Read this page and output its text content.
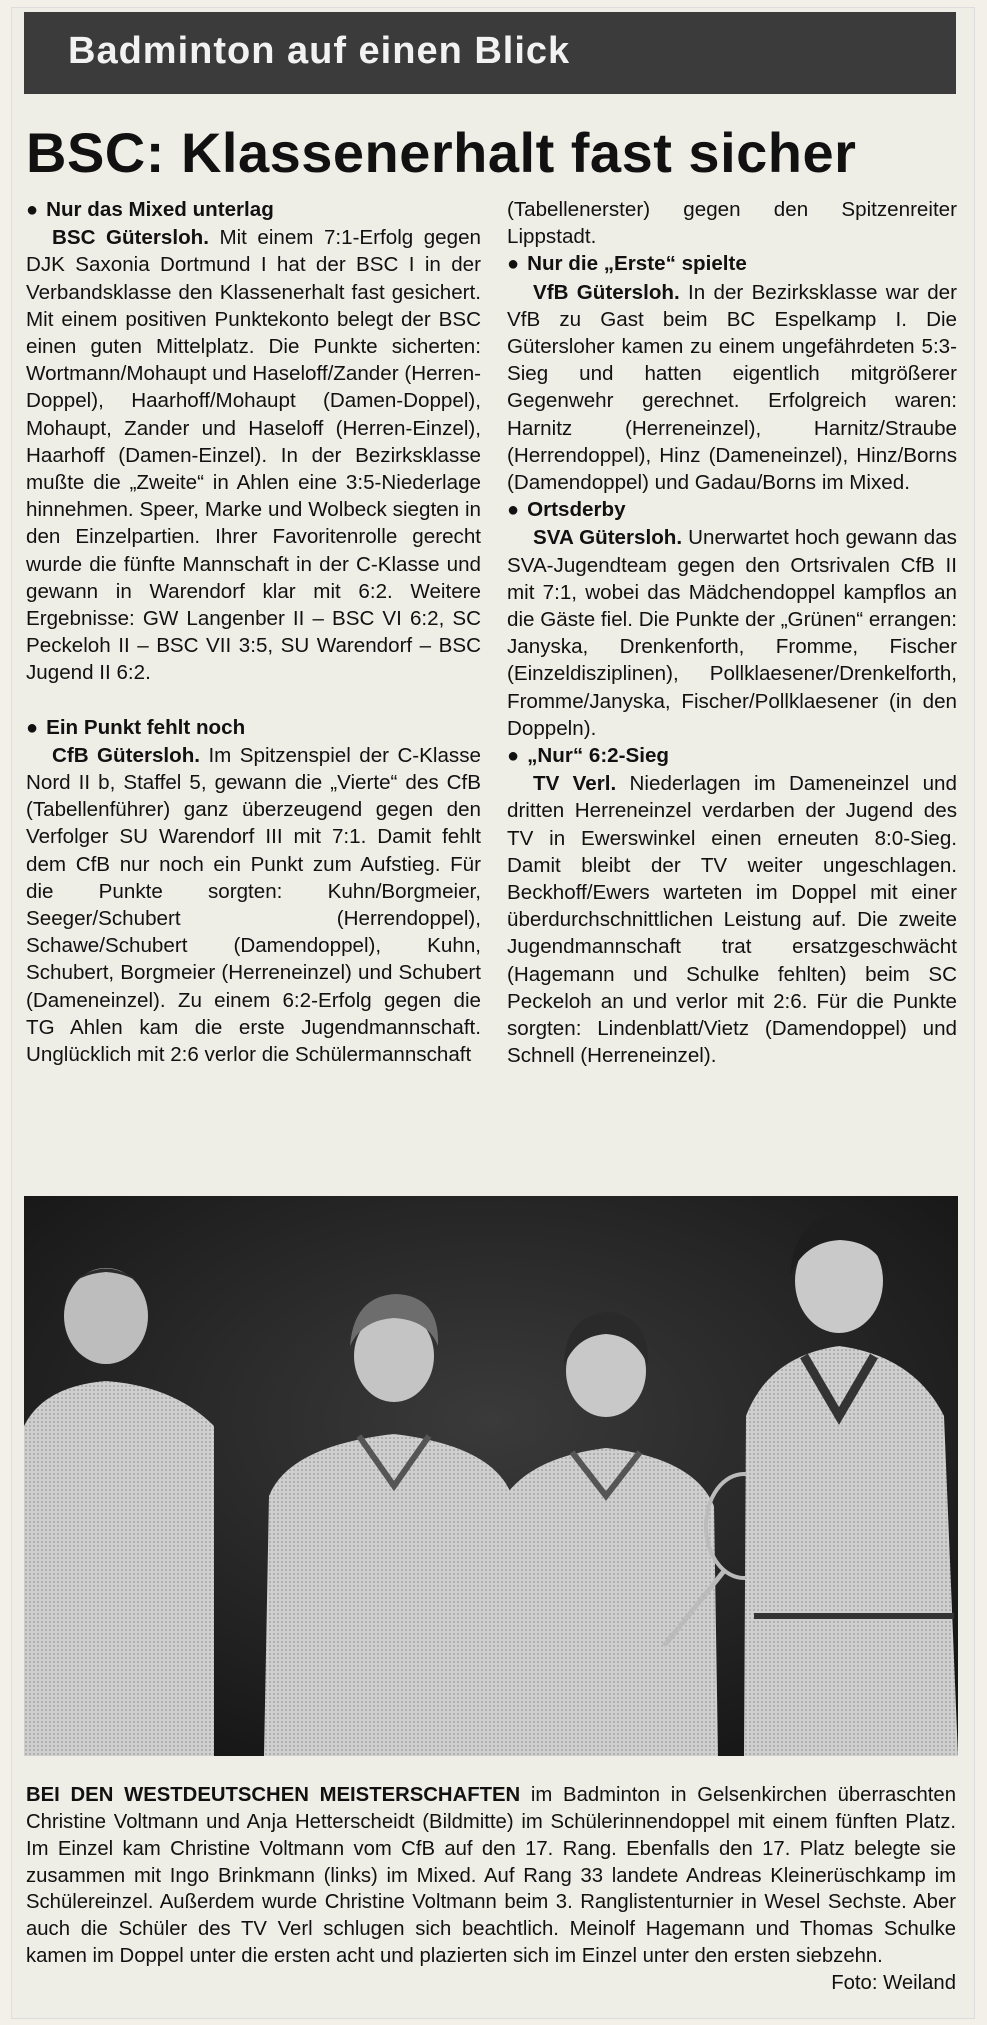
Badminton auf einen Blick
BSC: Klassenerhalt fast sicher

● Nur das Mixed unterlag
BSC Gütersloh. Mit einem 7:1-Erfolg gegen DJK Saxonia Dortmund I hat der BSC I in der Verbandsklasse den Klassenerhalt fast gesichert. Mit einem positiven Punktekonto belegt der BSC einen guten Mittelplatz. Die Punkte sicherten: Wortmann/Mohaupt und Haseloff/Zander (Herren-Doppel), Haarhoff/Mohaupt (Damen-Doppel), Mohaupt, Zander und Haseloff (Herren-Einzel), Haarhoff (Damen-Einzel). In der Bezirksklasse mußte die „Zweite“ in Ahlen eine 3:5-Niederlage hinnehmen. Speer, Marke und Wolbeck siegten in den Einzelpartien. Ihrer Favoritenrolle gerecht wurde die fünfte Mannschaft in der C-Klasse und gewann in Warendorf klar mit 6:2. Weitere Ergebnisse: GW Langenber II – BSC VI 6:2, SC Peckeloh II – BSC VII 3:5, SU Warendorf – BSC Jugend II 6:2.

● Ein Punkt fehlt noch
CfB Gütersloh. Im Spitzenspiel der C-Klasse Nord II b, Staffel 5, gewann die „Vierte“ des CfB (Tabellenführer) ganz überzeugend gegen den Verfolger SU Warendorf III mit 7:1. Damit fehlt dem CfB nur noch ein Punkt zum Aufstieg. Für die Punkte sorgten: Kuhn/Borgmeier, Seeger/Schubert (Herrendoppel), Schawe/Schubert (Damendoppel), Kuhn, Schubert, Borgmeier (Herreneinzel) und Schubert (Dameneinzel). Zu einem 6:2-Erfolg gegen die TG Ahlen kam die erste Jugendmannschaft. Unglücklich mit 2:6 verlor die Schülermannschaft

(Tabellenerster) gegen den Spitzenreiter Lippstadt.

● Nur die „Erste“ spielte
VfB Gütersloh. In der Bezirksklasse war der VfB zu Gast beim BC Espelkamp I. Die Gütersloher kamen zu einem ungefährdeten 5:3-Sieg und hatten eigentlich mitgrößerer Gegenwehr gerechnet. Erfolgreich waren: Harnitz (Herreneinzel), Harnitz/Straube (Herrendoppel), Hinz (Dameneinzel), Hinz/Borns (Damendoppel) und Gadau/Borns im Mixed.

● Ortsderby
SVA Gütersloh. Unerwartet hoch gewann das SVA-Jugendteam gegen den Ortsrivalen CfB II mit 7:1, wobei das Mädchendoppel kampflos an die Gäste fiel. Die Punkte der „Grünen“ errangen: Janyska, Drenkenforth, Fromme, Fischer (Einzeldisziplinen), Pollklaesener/Drenkelforth, Fromme/Janyska, Fischer/Pollklaesener (in den Doppeln).

● „Nur“ 6:2-Sieg
TV Verl. Niederlagen im Dameneinzel und dritten Herreneinzel verdarben der Jugend des TV in Ewerswinkel einen erneuten 8:0-Sieg. Damit bleibt der TV weiter ungeschlagen. Beckhoff/Ewers warteten im Doppel mit einer überdurchschnittlichen Leistung auf. Die zweite Jugendmannschaft trat ersatzgeschwächt (Hagemann und Schulke fehlten) beim SC Peckeloh an und verlor mit 2:6. Für die Punkte sorgten: Lindenblatt/Vietz (Damendoppel) und Schnell (Herreneinzel).

BEI DEN WESTDEUTSCHEN MEISTERSCHAFTEN im Badminton in Gelsenkirchen überraschten Christine Voltmann und Anja Hetterscheidt (Bildmitte) im Schülerinnendoppel mit einem fünften Platz. Im Einzel kam Christine Voltmann vom CfB auf den 17. Rang. Ebenfalls den 17. Platz belegte sie zusammen mit Ingo Brinkmann (links) im Mixed. Auf Rang 33 landete Andreas Kleinerüschkamp im Schülereinzel. Außerdem wurde Christine Voltmann beim 3. Ranglistenturnier in Wesel Sechste. Aber auch die Schüler des TV Verl schlugen sich beachtlich. Meinolf Hagemann und Thomas Schulke kamen im Doppel unter die ersten acht und plazierten sich im Einzel unter den ersten siebzehn.
Foto: Weiland
